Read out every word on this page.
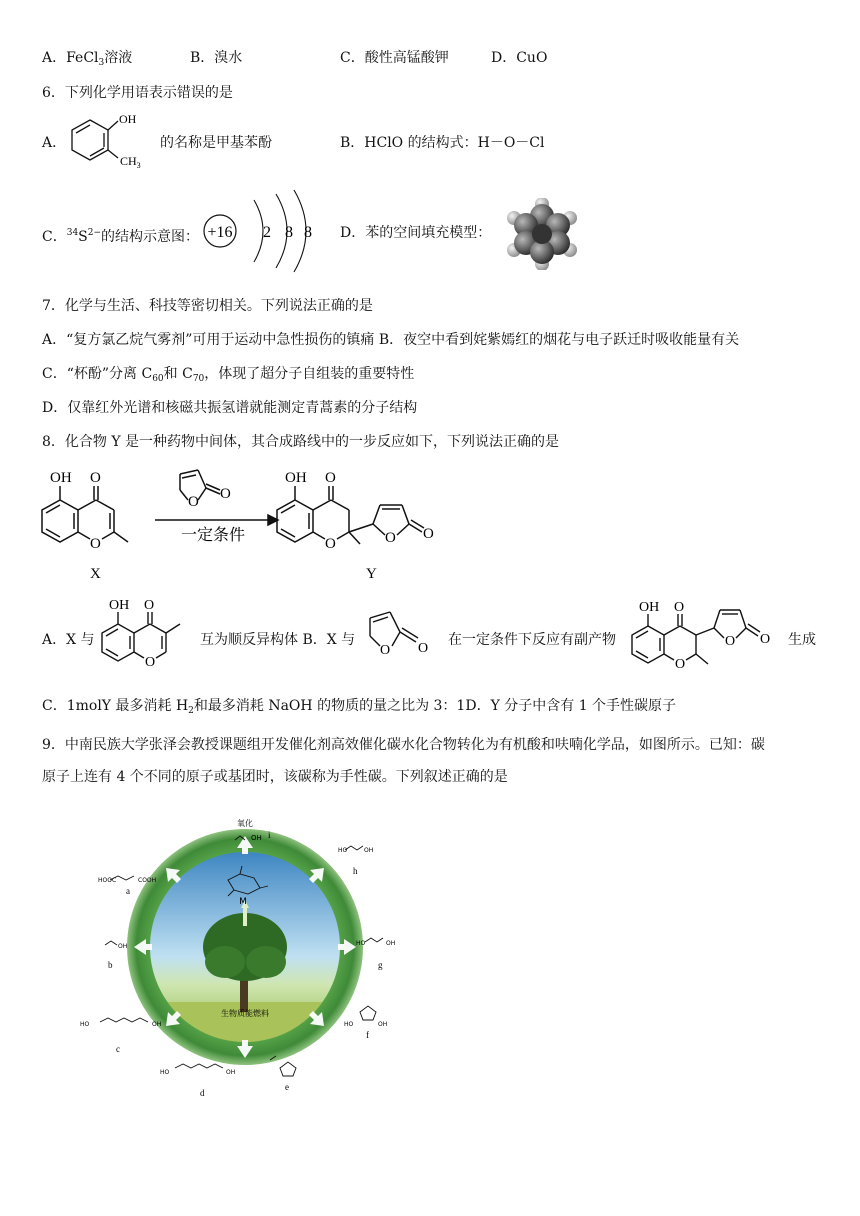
A．FeCl$_3$溶液	B．溴水	C．酸性高锰酸钾	D．CuO
6．下列化学用语表示错误的是
A．
OH
$CH_3$
的名称是甲基苯酚	B．HClO 的结构式：H－O－Cl
C．$^{34}S^{2-}$的结构示意图： +16 2 8 8 D．苯的空间填充模型：
7．化学与生活、科技等密切相关。下列说法正确的是
A．“复方氯乙烷气雾剂”可用于运动中急性损伤的镇痛 B．夜空中看到姹紫嫣红的烟花与电子跃迁时吸收能量有关
C．“杯酚”分离 $C_{60}$和 $C_{70}$，体现了超分子自组装的重要特性
D．仅靠红外光谱和核磁共振氢谱就能测定青蒿素的分子结构
8．化合物 Y 是一种药物中间体，其合成路线中的一步反应如下，下列说法正确的是
OH O
O
O O
OH O
O	O O
一定条件
X	Y
A．X 与
OH O
O
互为顺反异构体 B．X 与
O O
在一定条件下反应有副产物
OH O
O
O O 生成
C．1molY 最多消耗 $H_2$和最多消耗 NaOH 的物质的量之比为 3：1D．Y 分子中含有 1 个手性碳原子
9．中南民族大学张泽会教授课题组开发催化剂高效催化碳水化合物转化为有机酸和呋喃化学品，如图所示。已知：碳
原子上连有 4 个不同的原子或基团时，该碳称为手性碳。下列叙述正确的是
M
生物质能燃料
氧化
OH i
HO	OH
h
HO	OH
g
HO	OH
f
e
HO	OH
d
HO	OH
c
OH
b
HOOC	COOH
a
